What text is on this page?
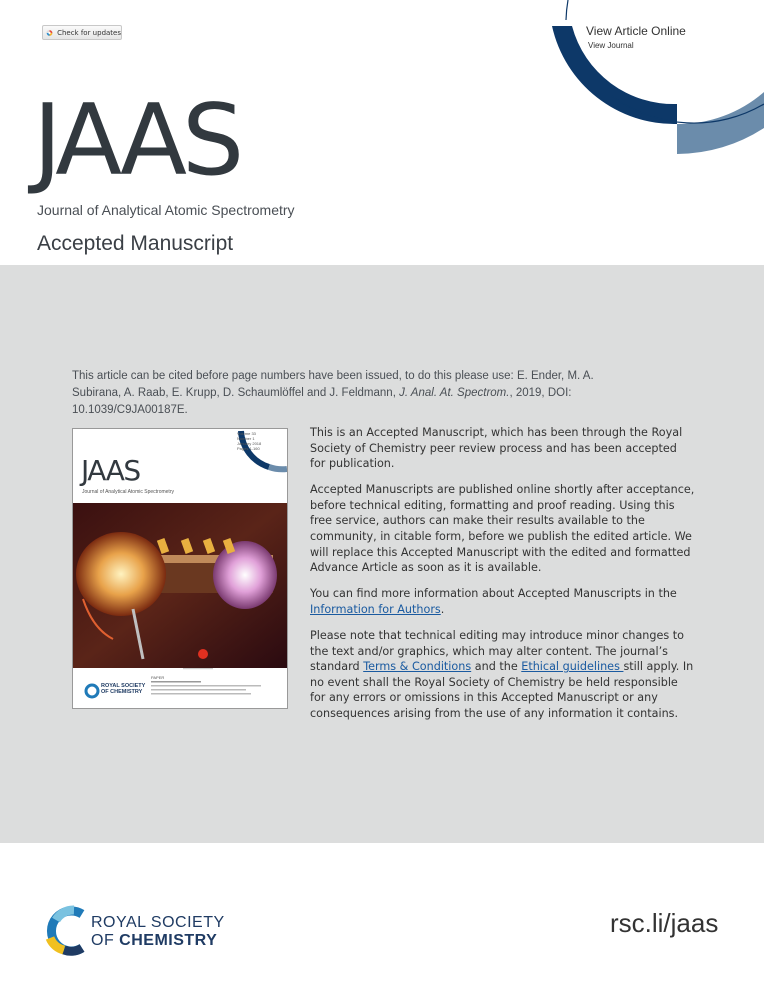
Check for updates	View Article Online
View Journal
JAAS
Journal of Analytical Atomic Spectrometry
Accepted Manuscript
This article can be cited before page numbers have been issued, to do this please use: E. Ender, M. A. Subirana, A. Raab, E. Krupp, D. Schaumlöffel and J. Feldmann, J. Anal. At. Spectrom., 2019, DOI: 10.1039/C9JA00187E.
JAAS
Journal of Analytical Atomic Spectrometry
Volume 33
Number 1
January 2018
Pages 1-160
ROYAL SOCIETY
OF CHEMISTRY
PAPER

This is an Accepted Manuscript, which has been through the Royal Society of Chemistry peer review process and has been accepted for publication.

Accepted Manuscripts are published online shortly after acceptance, before technical editing, formatting and proof reading. Using this free service, authors can make their results available to the community, in citable form, before we publish the edited article. We will replace this Accepted Manuscript with the edited and formatted Advance Article as soon as it is available.

You can find more information about Accepted Manuscripts in the Information for Authors.

Please note that technical editing may introduce minor changes to the text and/or graphics, which may alter content. The journal’s standard Terms & Conditions and the Ethical guidelines still apply. In no event shall the Royal Society of Chemistry be held responsible for any errors or omissions in this Accepted Manuscript or any consequences arising from the use of any information it contains.

ROYAL SOCIETY
OF CHEMISTRY
rsc.li/jaas
